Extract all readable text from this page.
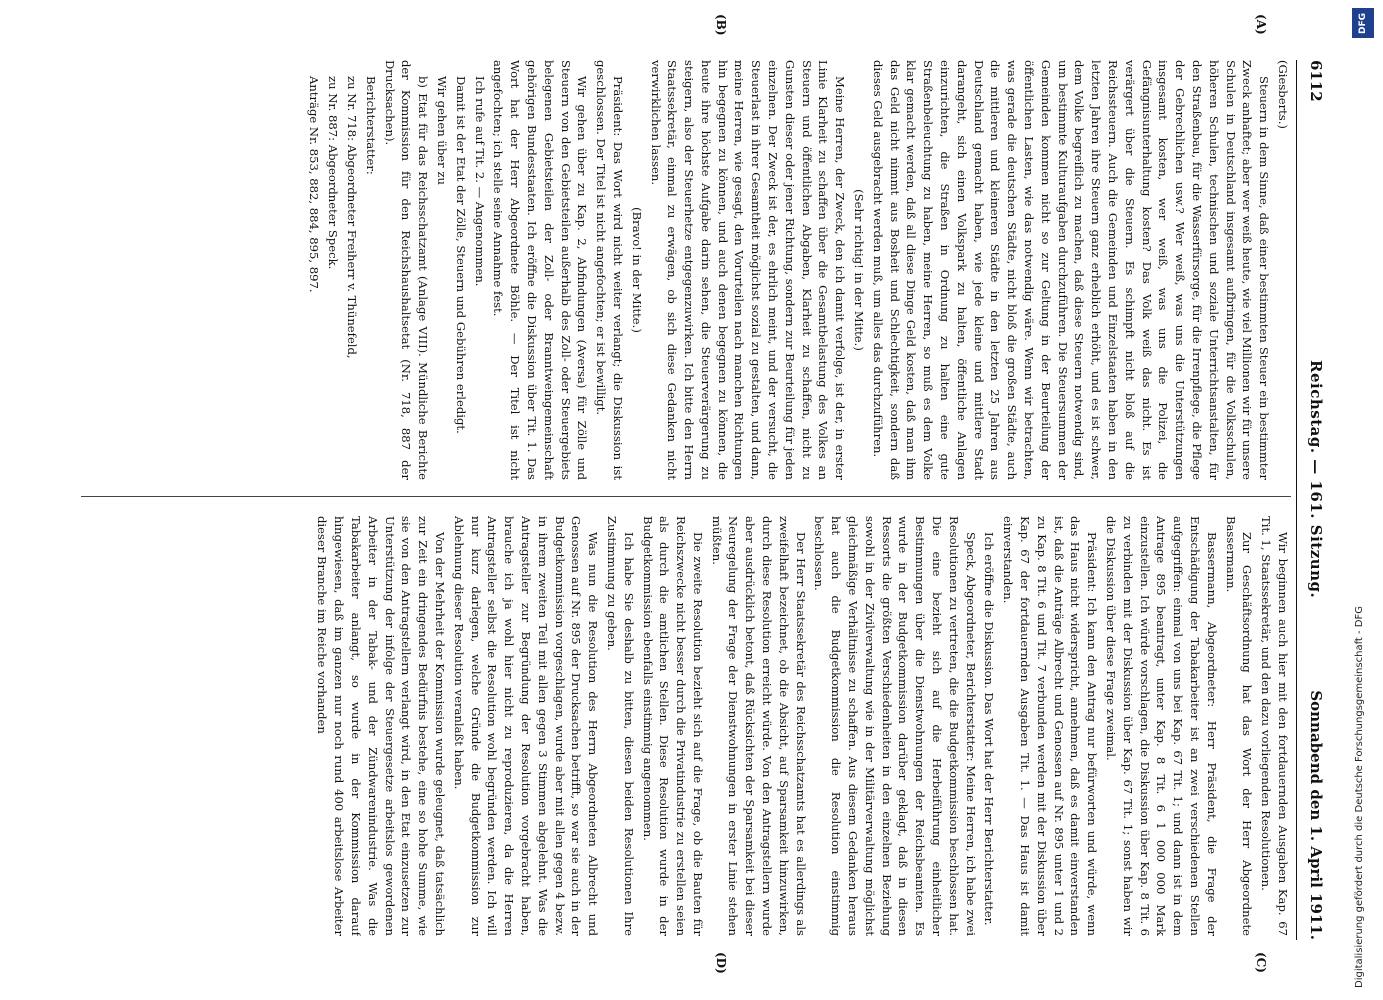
6112
Reichstag. — 161. Sitzung.
Sonnabend den 1. April 1911.
(A)
(B)
(C)
(D)

(Giesberts.)

Steuern in dem Sinne, daß einer bestimmten Steuer ein bestimmter Zweck anhaftet; aber wer weiß heute, wie viel Millionen wir für unsere Schulen in Deutschland insgesamt aufbringen, für die Volksschulen, höheren Schulen, technischen und soziale Unterrichtsanstalten, für den Straßenbau, für die Wasserfürsorge, für die Irrenpflege, die Pflege der Gebrechlichen usw.? Wer weiß, was uns die Unterstützungen insgesamt kosten, wer weiß, was uns die Polizei, die Gefängnisunterhaltung kosten? Das Volk weiß das nicht. Es ist verärgert über die Steuern. Es schimpft nicht bloß auf die Reichssteuern. Auch die Gemeinden und Einzelstaaten haben in den letzten Jahren ihre Steuern ganz erheblich erhöht, und es ist schwer, dem Volke begreiflich zu machen, daß diese Steuern notwendig sind, um bestimmte Kulturaufgaben durchzuführen. Die Steuersummen der Gemeinden kommen nicht so zur Geltung in der Beurteilung der öffentlichen Lasten, wie das notwendig wäre. Wenn wir betrachten, was gerade die deutschen Städte, nicht bloß die großen Städte, auch die mittleren und kleineren Städte in den letzten 25 Jahren aus Deutschland gemacht haben, wie jede kleine und mittlere Stadt darangeht, sich einen Volkspark zu halten, öffentliche Anlagen einzurichten, die Straßen in Ordnung zu halten eine gute Straßenbeleuchtung zu haben, meine Herren, so muß es dem Volke klar gemacht werden, daß all diese Dinge Geld kosten, daß man ihm das Geld nicht nimmt aus Bosheit und Schlechtigkeit, sondern daß dieses Geld ausgebracht werden muß, um alles das durchzuführen.

(Sehr richtig! in der Mitte.)

Meine Herren, der Zweck, den ich damit verfolge, ist der, in erster Linie Klarheit zu schaffen über die Gesamtbelastung des Volkes an Steuern und öffentlichen Abgaben, Klarheit zu schaffen, nicht zu Gunsten dieser oder jener Richtung, sondern zur Beurteilung für jeden einzelnen. Der Zweck ist der, es ehrlich meint, und der versucht, die Steuerlast in ihrer Gesamtheit möglichst sozial zu gestalten, und dann, meine Herren, wie gesagt, den Vorurteilen nach manchen Richtungen hin begegnen zu können, und auch denen begegnen zu können, die heute ihre höchste Aufgabe darin sehen, die Steuerverärgerung zu steigern, also der Steuerhetze entgegenzuwirken. Ich bitte den Herrn Staatssekretär, einmal zu erwägen, ob sich diese Gedanken nicht verwirklichen lassen.

(Bravo! in der Mitte.)

Präsident: Das Wort wird nicht weiter verlangt; die Diskussion ist geschlossen. Der Titel ist nicht angefochten; er ist bewilligt.

Wir gehen über zu Kap. 2, Abfindungen (Aversa) für Zölle und Steuern von den Gebietsteilen außerhalb des Zoll- oder Steuergebiets belegenen Gebietsteilen der Zoll- oder Branntweingemeinschaft gehörigen Bundesstaaten. Ich eröffne die Diskussion über Tit. 1. Das Wort hat der Herr Abgeordnete Böhle. — Der Titel ist nicht angefochten; ich stelle seine Annahme fest.

Ich rufe auf Tit. 2. — Angenommen.

Damit ist der Etat der Zölle, Steuern und Gebühren erledigt.

Wir gehen über zu

b) Etat für das Reichsschatzamt (Anlage VIII). Mündliche Berichte der Kommission für den Reichshaushaltsetat (Nr. 718, 887 der Drucksachen).

Berichterstatter:

zu Nr. 718: Abgeordneter Freiherr v. Thünefeld,

zu Nr. 887: Abgeordneter Speck.

Anträge Nr. 853, 882, 884, 895, 897.

Wir beginnen auch hier mit den fortdauernden Ausgaben Kap. 67 Tit. 1, Staatssekretär, und den dazu vorliegenden Resolutionen.

Zur Geschäftsordnung hat das Wort der Herr Abgeordnete Bassermann.

Bassermann, Abgeordneter: Herr Präsident, die Frage der Entschädigung der Tabakarbeiter ist an zwei verschiedenen Stellen aufgegriffen: einmal von uns bei Kap. 67 Tit. 1; und dann ist in dem Antrage 895 beantragt, unter Kap. 8 Tit. 6 1 000 000 Mark einzustellen. Ich würde vorschlagen, die Diskussion über Kap. 8 Tit. 6 zu verbinden mit der Diskussion über Kap. 67 Tit. 1; sonst haben wir die Diskussion über diese Frage zweimal.

Präsident: Ich kann den Antrag nur befürworten und würde, wenn das Haus nicht widerspricht, annehmen, daß es damit einverstanden ist, daß die Anträge Albrecht und Genossen auf Nr. 895 unter 1 und 2 zu Kap. 8 Tit. 6 und Tit. 7 verbunden werden mit der Diskussion über Kap. 67 der fortdauernden Ausgaben Tit. 1. — Das Haus ist damit einverstanden.

Ich eröffne die Diskussion. Das Wort hat der Herr Berichterstatter.

Speck, Abgeordneter, Berichterstatter: Meine Herren, ich habe zwei Resolutionen zu vertreten, die die Budgetkommission beschlossen hat. Die eine bezieht sich auf die Herbeiführung einheitlicher Bestimmungen über die Dienstwohnungen der Reichsbeamten. Es wurde in der Budgetkommission darüber geklagt, daß in diesen Ressorts die größten Verschiedenheiten in den einzelnen Beziehung sowohl in der Zivilverwaltung wie in der Militärverwaltung möglichst gleichmäßige Verhältnisse zu schaffen. Aus diesem Gedanken heraus hat auch die Budgetkommission die Resolution einstimmig beschlossen.

Der Herr Staatssekretär des Reichsschatzamts hat es allerdings als zweifelhaft bezeichnet, ob die Absicht, auf Sparsamkeit hinzuwirken, durch diese Resolution erreicht würde. Von den Antragstellern wurde aber ausdrücklich betont, daß Rücksichten der Sparsamkeit bei dieser Neuregelung der Frage der Dienstwohnungen in erster Linie stehen müßten.

Die zweite Resolution bezieht sich auf die Frage, ob die Bauten für Reichszwecke nicht besser durch die Privatindustrie zu erstellen seien als durch die amtlichen Stellen. Diese Resolution wurde in der Budgetkommission ebenfalls einstimmig angenommen.

Ich habe Sie deshalb zu bitten, diesen beiden Resolutionen Ihre Zustimmung zu geben.

Was nun die Resolution des Herrn Abgeordneten Albrecht und Genossen auf Nr. 895 der Drucksachen betrifft, so war sie auch in der Budgetkommission vorgeschlagen, wurde aber mit allen gegen 4 bezw. in ihrem zweiten Teil mit allen gegen 3 Stimmen abgelehnt. Was die Antragsteller zur Begründung der Resolution vorgebracht haben, brauche ich ja wohl hier nicht zu reproduzieren, da die Herren Antragsteller selbst die Resolution wohl begründen werden. Ich will nur kurz darlegen, welche Gründe die Budgetkommission zur Ablehnung dieser Resolution veranlaßt haben.

Von der Mehrheit der Kommission wurde geleugnet, daß tatsächlich zur Zeit ein dringendes Bedürfnis bestehe, eine so hohe Summe, wie sie von den Antragstellern verlangt wird, in den Etat einzusetzen zur Unterstützung der infolge der Steuergesetze arbeitslos gewordenen Arbeiter in der Tabak- und der Zündwarenindustrie. Was die Tabakarbeiter anlangt, so wurde in der Kommission darauf hingewiesen, daß im ganzen nur noch rund 400 arbeitslose Arbeiter dieser Branche im Reiche vorhanden

DFG
Digitalisierung gefördert durch die Deutsche Forschungsgemeinschaft - DFG
